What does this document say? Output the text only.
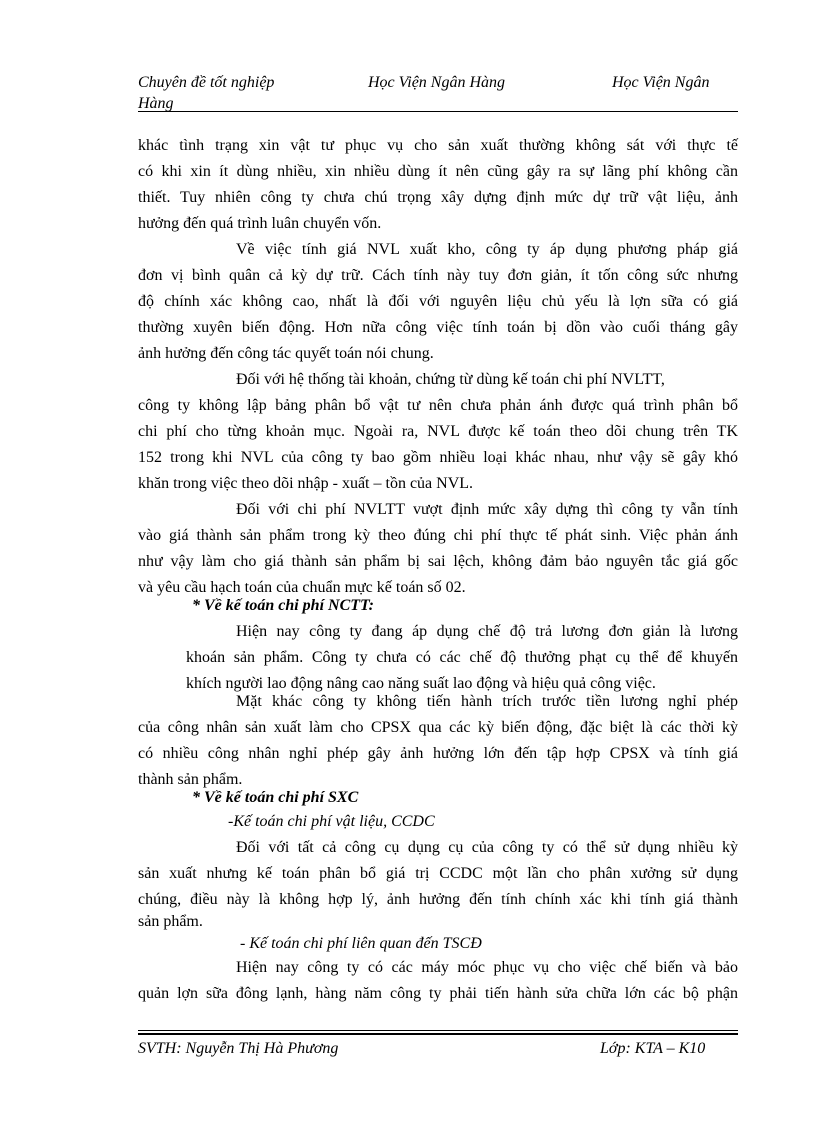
Chuyên đề tốt nghiệp	Học Viện Ngân Hàng	Học Viện Ngân
Hàng
khác tình trạng xin vật tư phục vụ cho sản xuất thường không sát với thực tế
có khi xin ít dùng nhiều, xin nhiều dùng ít nên cũng gây ra sự lãng phí không cần
thiết. Tuy nhiên công ty chưa chú trọng xây dựng định mức dự trữ vật liệu, ảnh
hưởng đến quá trình luân chuyển vốn.
Về việc tính giá NVL xuất kho, công ty áp dụng phương pháp giá
đơn vị bình quân cả kỳ dự trữ. Cách tính này tuy đơn giản, ít tốn công sức nhưng
độ chính xác không cao, nhất là đối với nguyên liệu chủ yếu là lợn sữa có giá
thường xuyên biến động. Hơn nữa công việc tính toán bị dồn vào cuối tháng gây
ảnh hưởng đến công tác quyết toán nói chung.
Đối với hệ thống tài khoản, chứng từ dùng kế toán chi phí NVLTT,
công ty không lập bảng phân bổ vật tư nên chưa phản ánh được quá trình phân bổ
chi phí cho từng khoản mục. Ngoài ra, NVL được kế toán theo dõi chung trên TK
152 trong khi NVL của công ty bao gồm nhiều loại khác nhau, như vậy sẽ gây khó
khăn trong việc theo dõi nhập - xuất – tồn của NVL.
Đối với chi phí NVLTT vượt định mức xây dựng thì công ty vẫn tính
vào giá thành sản phẩm trong kỳ theo đúng chi phí thực tế phát sinh. Việc phản ánh
như vậy làm cho giá thành sản phẩm bị sai lệch, không đảm bảo nguyên tắc giá gốc
và yêu cầu hạch toán của chuẩn mực kế toán số 02.
* Về kế toán chi phí NCTT:
Hiện nay công ty đang áp dụng chế độ trả lương đơn giản là lương
khoán sản phẩm. Công ty chưa có các chế độ thưởng phạt cụ thể để khuyến
khích người lao động nâng cao năng suất lao động và hiệu quả công việc.
Mặt khác công ty không tiến hành trích trước tiền lương nghỉ phép
của công nhân sản xuất làm cho CPSX qua các kỳ biến động, đặc biệt là các thời kỳ
có nhiều công nhân nghỉ phép gây ảnh hưởng lớn đến tập hợp CPSX và tính giá
thành sản phẩm.
* Về kế toán chi phí SXC
-Kế toán chi phí vật liệu, CCDC
Đối với tất cả công cụ dụng cụ của công ty có thể sử dụng nhiều kỳ
sản xuất nhưng kế toán phân bổ giá trị CCDC một lần cho phân xưởng sử dụng
chúng, điều này là không hợp lý, ảnh hưởng đến tính chính xác khi tính giá thành
sản phẩm.
- Kế toán chi phí liên quan đến TSCĐ
Hiện nay công ty có các máy móc phục vụ cho việc chế biến và bảo
quản lợn sữa đông lạnh, hàng năm công ty phải tiến hành sửa chữa lớn các bộ phận
SVTH: Nguyễn Thị Hà Phương	Lớp: KTA – K10
